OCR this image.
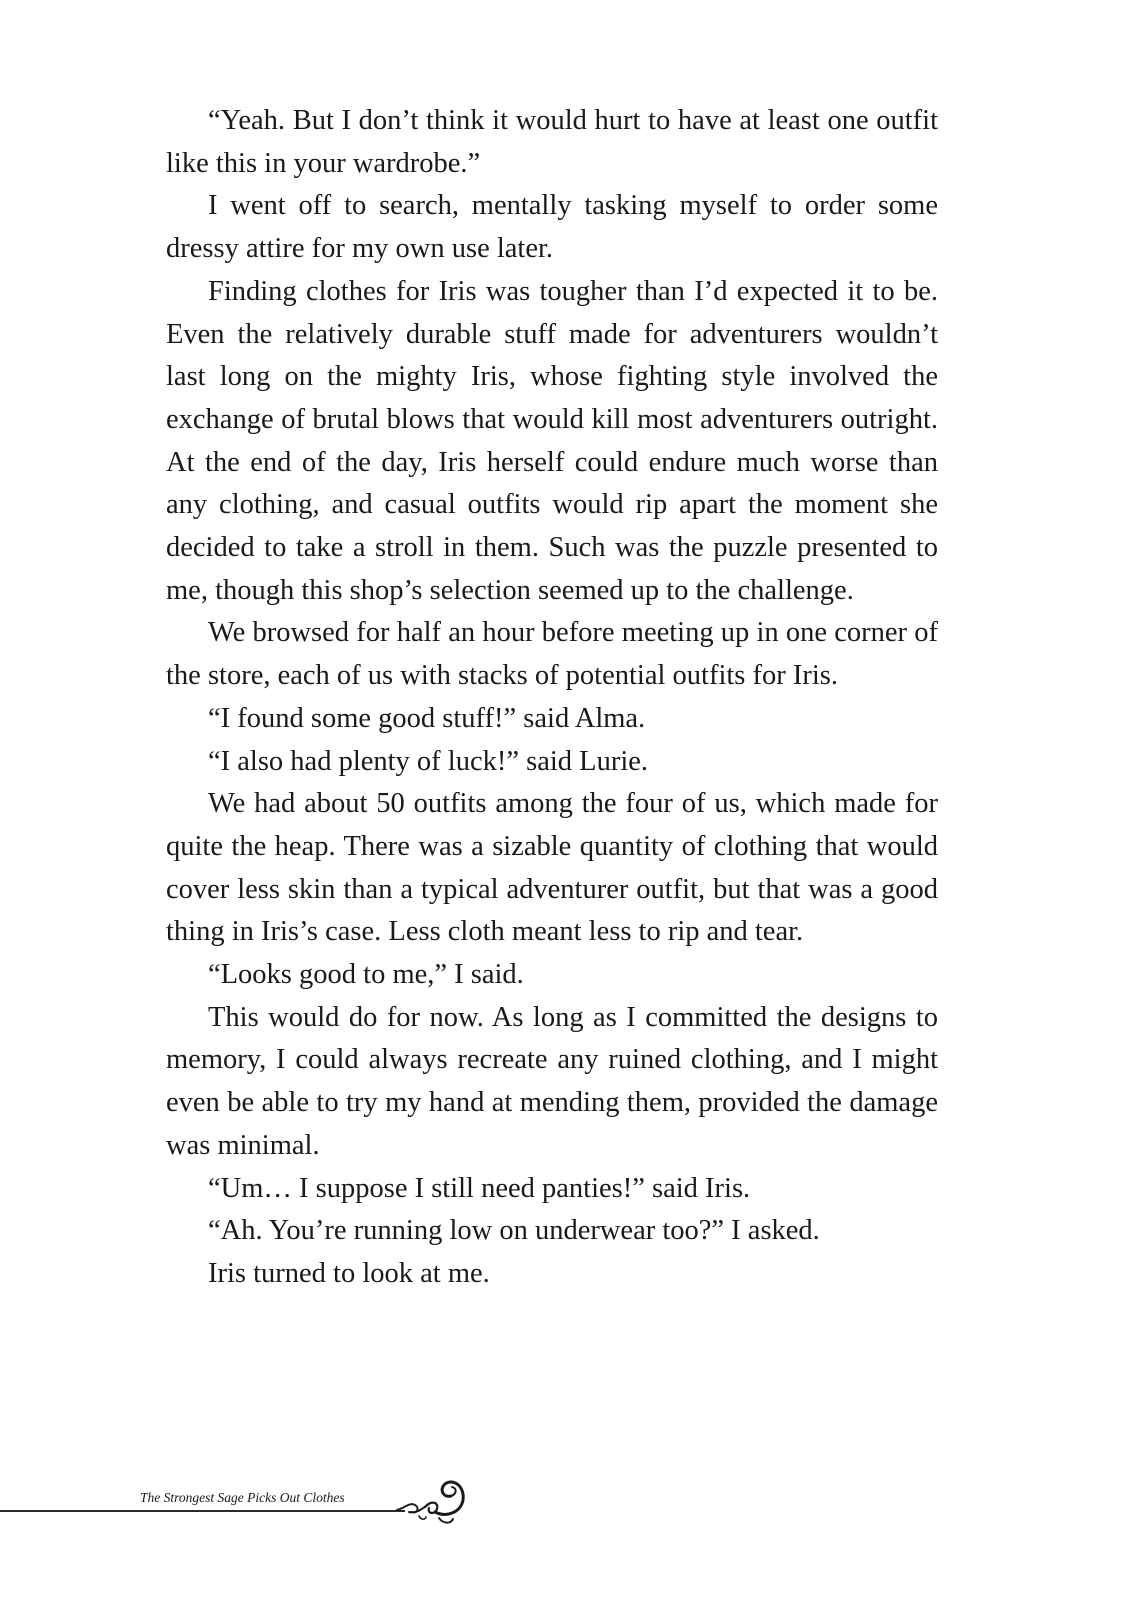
“Yeah. But I don’t think it would hurt to have at least one outfit like this in your wardrobe.”

I went off to search, mentally tasking myself to order some dressy attire for my own use later.

Finding clothes for Iris was tougher than I’d expected it to be. Even the relatively durable stuff made for adventurers wouldn’t last long on the mighty Iris, whose fighting style involved the exchange of brutal blows that would kill most adventurers outright. At the end of the day, Iris herself could endure much worse than any clothing, and casual outfits would rip apart the moment she decided to take a stroll in them. Such was the puzzle presented to me, though this shop’s selection seemed up to the challenge.

We browsed for half an hour before meeting up in one corner of the store, each of us with stacks of potential outfits for Iris.

“I found some good stuff!” said Alma.

“I also had plenty of luck!” said Lurie.

We had about 50 outfits among the four of us, which made for quite the heap. There was a sizable quantity of clothing that would cover less skin than a typical adventurer outfit, but that was a good thing in Iris’s case. Less cloth meant less to rip and tear.

“Looks good to me,” I said.

This would do for now. As long as I committed the designs to memory, I could always recreate any ruined clothing, and I might even be able to try my hand at mending them, provided the damage was minimal.

“Um… I suppose I still need panties!” said Iris.

“Ah. You’re running low on underwear too?” I asked.

Iris turned to look at me.

The Strongest Sage Picks Out Clothes
